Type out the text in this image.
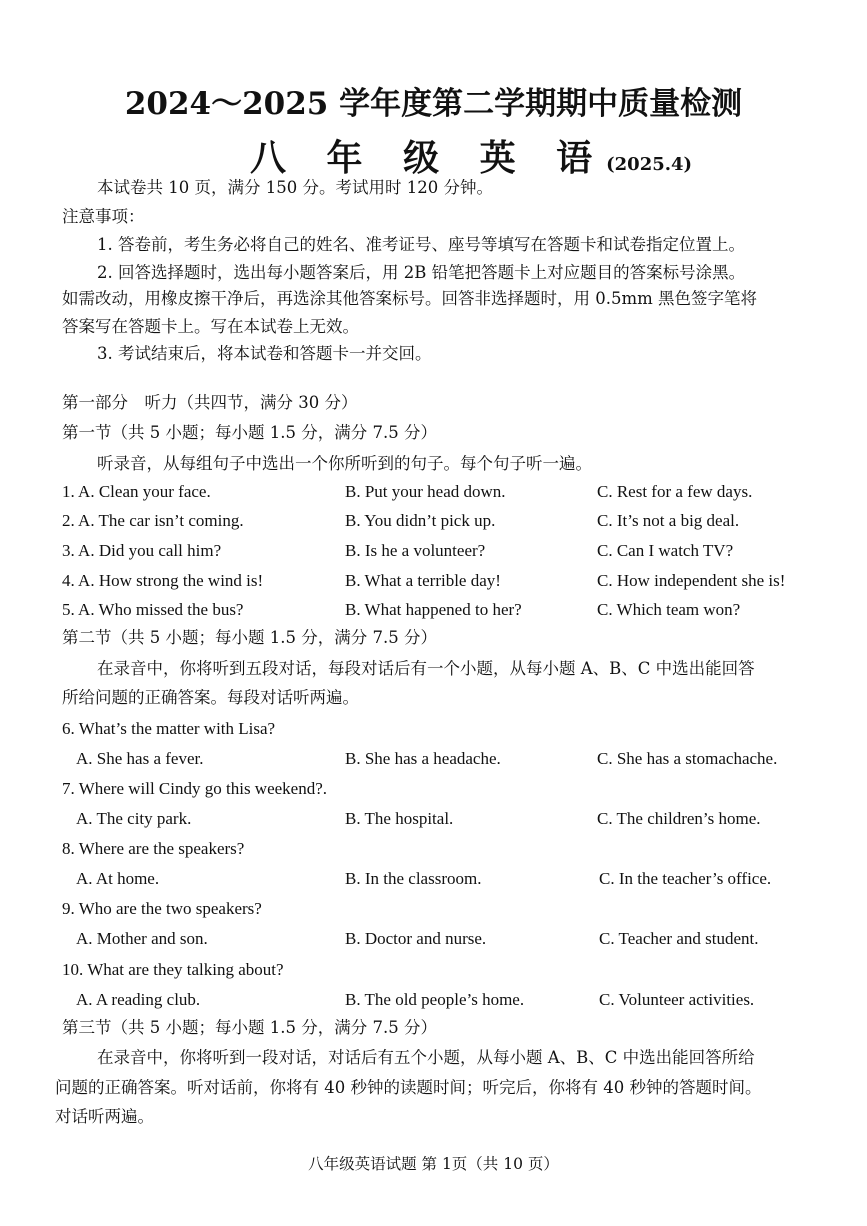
2024～2025 学年度第二学期期中质量检测
八 年 级 英 语(2025.4)
本试卷共 10 页，满分 150 分。考试用时 120 分钟。
注意事项：
1. 答卷前，考生务必将自己的姓名、准考证号、座号等填写在答题卡和试卷指定位置上。
2. 回答选择题时，选出每小题答案后，用 2B 铅笔把答题卡上对应题目的答案标号涂黑。
如需改动，用橡皮擦干净后，再选涂其他答案标号。回答非选择题时，用 0.5mm 黑色签字笔将
答案写在答题卡上。写在本试卷上无效。
3. 考试结束后，将本试卷和答题卡一并交回。
第一部分　听力（共四节，满分 30 分）
第一节（共 5 小题；每小题 1.5 分，满分 7.5 分）
听录音，从每组句子中选出一个你所听到的句子。每个句子听一遍。
1. A. Clean your face.	B. Put your head down.	C. Rest for a few days.
2. A. The car isn’t coming.	B. You didn’t pick up.	C. It’s not a big deal.
3. A. Did you call him?	B. Is he a volunteer?	C. Can I watch TV?
4. A. How strong the wind is!	B. What a terrible day!	C. How independent she is!
5. A. Who missed the bus?	B. What happened to her?	C. Which team won?
第二节（共 5 小题；每小题 1.5 分，满分 7.5 分）
在录音中，你将听到五段对话，每段对话后有一个小题，从每小题 A、B、C 中选出能回答
所给问题的正确答案。每段对话听两遍。
6. What’s the matter with Lisa?
A. She has a fever.	B. She has a headache.	C. She has a stomachache.
7. Where will Cindy go this weekend?.
A. The city park.	B. The hospital.	C. The children’s home.
8. Where are the speakers?
A. At home.	B. In the classroom.	C. In the teacher’s office.
9. Who are the two speakers?
A. Mother and son.	B. Doctor and nurse.	C. Teacher and student.
10. What are they talking about?
A. A reading club.	B. The old people’s home.	C. Volunteer activities.
第三节（共 5 小题；每小题 1.5 分，满分 7.5 分）
在录音中，你将听到一段对话，对话后有五个小题，从每小题 A、B、C 中选出能回答所给
问题的正确答案。听对话前，你将有 40 秒钟的读题时间；听完后，你将有 40 秒钟的答题时间。
对话听两遍。
八年级英语试题 第 1页（共 10 页）
